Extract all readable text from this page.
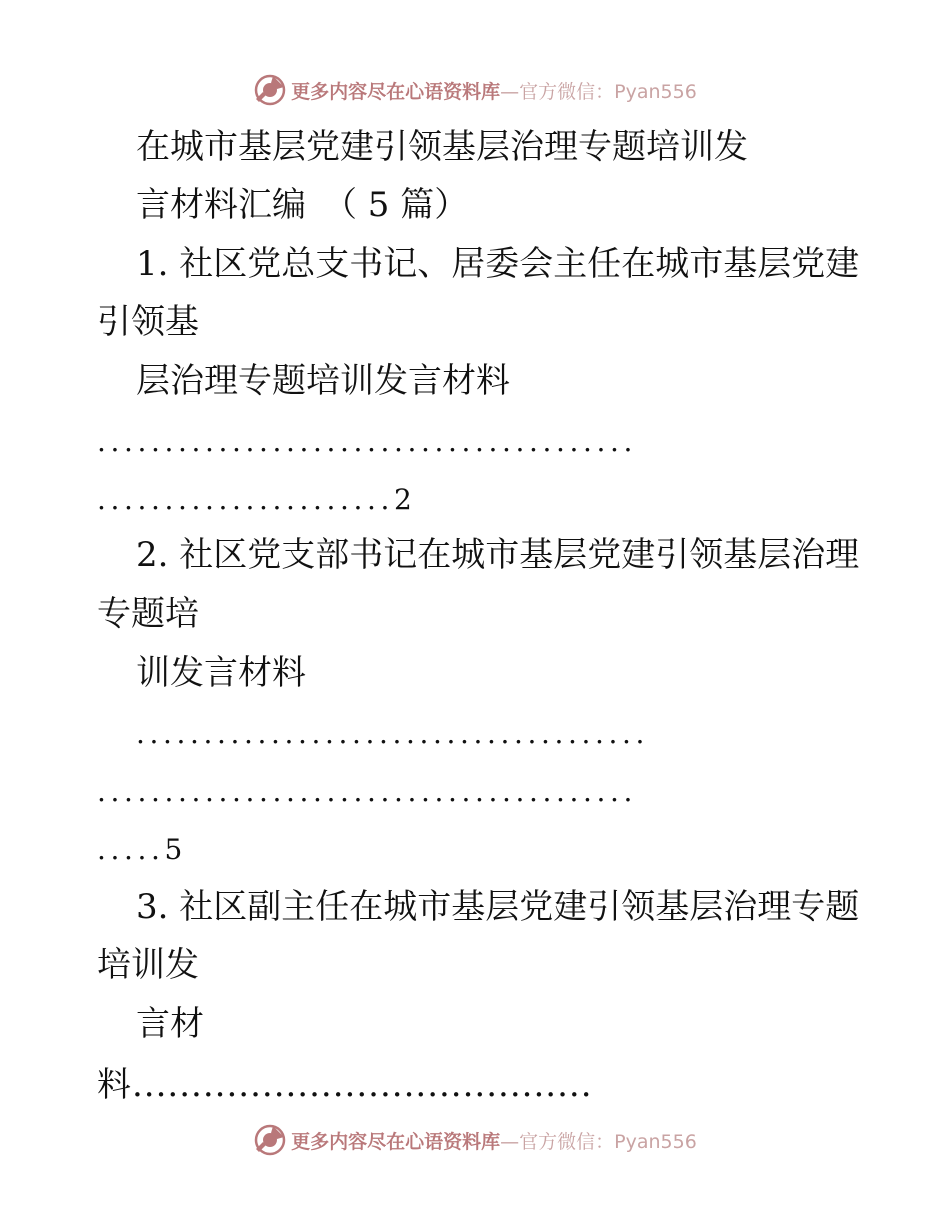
更多内容尽在心语资料库—官方微信：Pyan556
在城市基层党建引领基层治理专题培训发
言材料汇编　（ 5 篇）
1. 社区党总支书记、居委会主任在城市基层党建
引领基
层治理专题培训发言材料
........................................
......................2
2. 社区党支部书记在城市基层党建引领基层治理
专题培
训发言材料
......................................
........................................
.....5
3. 社区副主任在城市基层党建引领基层治理专题
培训发
言材
料.......................................
更多内容尽在心语资料库—官方微信：Pyan556
